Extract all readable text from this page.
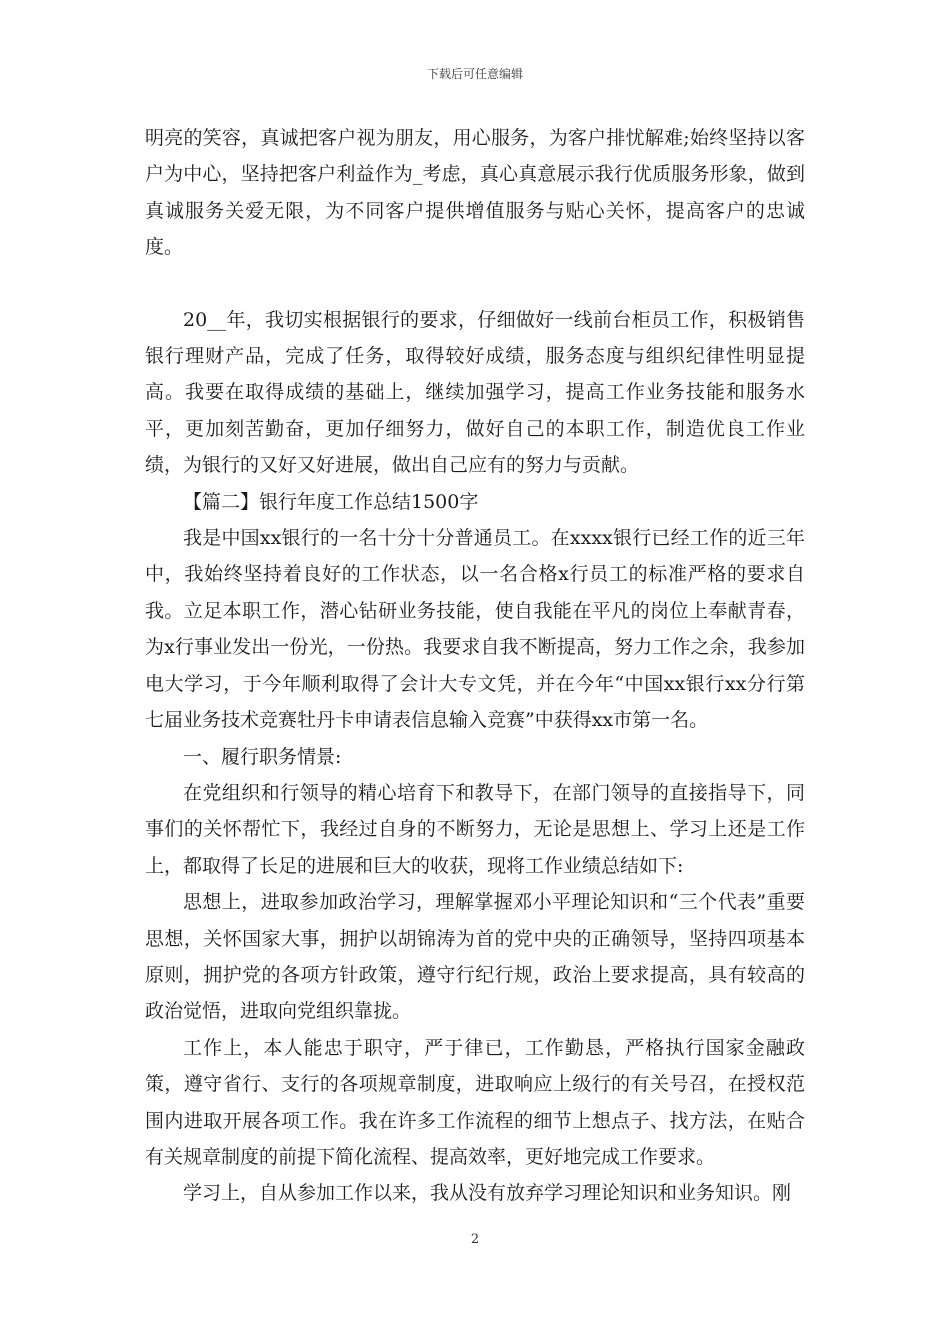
下载后可任意编辑

明亮的笑容，真诚把客户视为朋友，用心服务，为客户排忧解难;始终坚持以客户为中心，坚持把客户利益作为_考虑，真心真意展示我行优质服务形象，做到真诚服务关爱无限，为不同客户提供增值服务与贴心关怀，提高客户的忠诚度。

20__年，我切实根据银行的要求，仔细做好一线前台柜员工作，积极销售银行理财产品，完成了任务，取得较好成绩，服务态度与组织纪律性明显提高。我要在取得成绩的基础上，继续加强学习，提高工作业务技能和服务水平，更加刻苦勤奋，更加仔细努力，做好自己的本职工作，制造优良工作业绩，为银行的又好又好进展，做出自己应有的努力与贡献。

【篇二】银行年度工作总结1500字

我是中国xx银行的一名十分十分普通员工。在xxxx银行已经工作的近三年中，我始终坚持着良好的工作状态，以一名合格x行员工的标准严格的要求自我。立足本职工作，潜心钻研业务技能，使自我能在平凡的岗位上奉献青春，为x行事业发出一份光，一份热。我要求自我不断提高，努力工作之余，我参加电大学习，于今年顺利取得了会计大专文凭，并在今年“中国xx银行xx分行第七届业务技术竞赛牡丹卡申请表信息输入竞赛”中获得xx市第一名。

一、履行职务情景:

在党组织和行领导的精心培育下和教导下，在部门领导的直接指导下，同事们的关怀帮忙下，我经过自身的不断努力，无论是思想上、学习上还是工作上，都取得了长足的进展和巨大的收获，现将工作业绩总结如下:

思想上，进取参加政治学习，理解掌握邓小平理论知识和“三个代表”重要思想，关怀国家大事，拥护以胡锦涛为首的党中央的正确领导，坚持四项基本原则，拥护党的各项方针政策，遵守行纪行规，政治上要求提高，具有较高的政治觉悟，进取向党组织靠拢。

工作上，本人能忠于职守，严于律已，工作勤恳，严格执行国家金融政策，遵守省行、支行的各项规章制度，进取响应上级行的有关号召，在授权范围内进取开展各项工作。我在许多工作流程的细节上想点子、找方法，在贴合有关规章制度的前提下简化流程、提高效率，更好地完成工作要求。

学习上，自从参加工作以来，我从没有放弃学习理论知识和业务知识。刚

2
